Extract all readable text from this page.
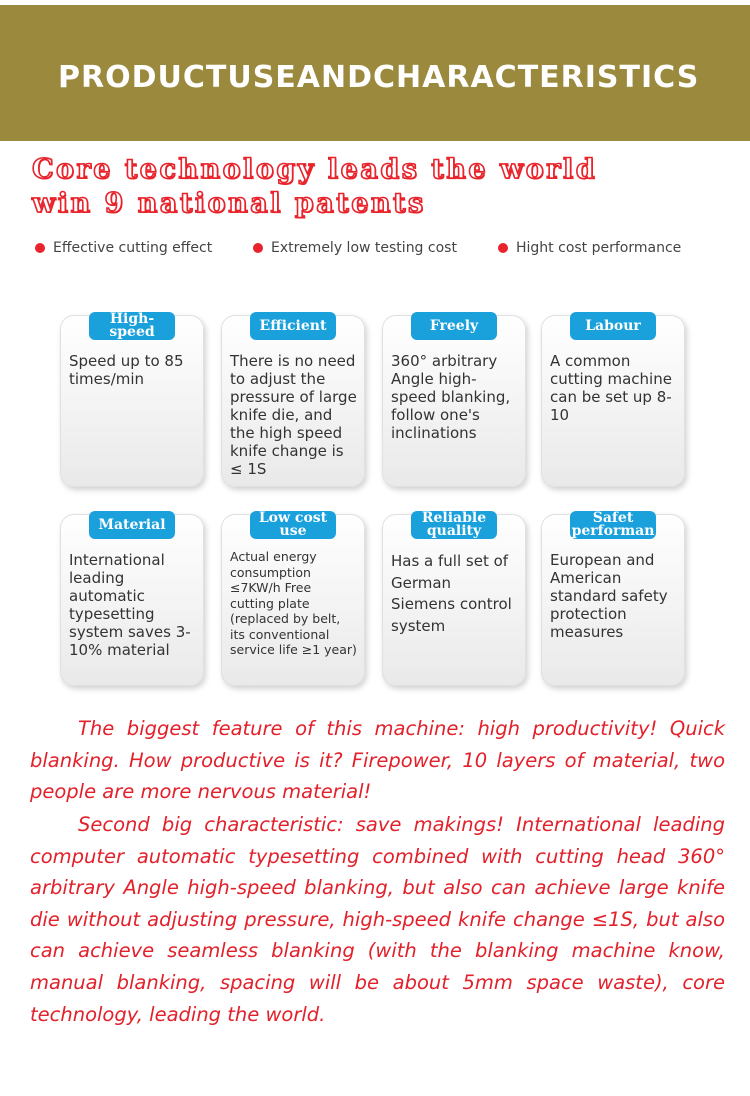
PRODUCTUSEANDCHARACTERISTICS
Core technology leads the world
win 9 national patents
Effective cutting effect	Extremely low testing cost	Hight cost performance
High-speed
Speed up to 85 times/min
Efficient
There is no need to adjust the pressure of large knife die, and the high speed knife change is ≤ 1S
Freely
360° arbitrary Angle high-speed blanking, follow one's inclinations
Labour
A common cutting machine can be set up 8-10
Material
International leading automatic typesetting system saves 3-10% material
Low cost use
Actual energy consumption ≤7KW/h Free cutting plate (replaced by belt, its conventional service life ≥1 year)
Reliable quality
Has a full set of German Siemens control system
Safet performan
European and American standard safety protection measures
The biggest feature of this machine: high productivity! Quick blanking. How productive is it? Firepower, 10 layers of material, two people are more nervous material!
Second big characteristic: save makings! International leading computer automatic typesetting combined with cutting head 360° arbitrary Angle high-speed blanking, but also can achieve large knife die without adjusting pressure, high-speed knife change ≤1S, but also can achieve seamless blanking (with the blanking machine know, manual blanking, spacing will be about 5mm space waste), core technology, leading the world.
